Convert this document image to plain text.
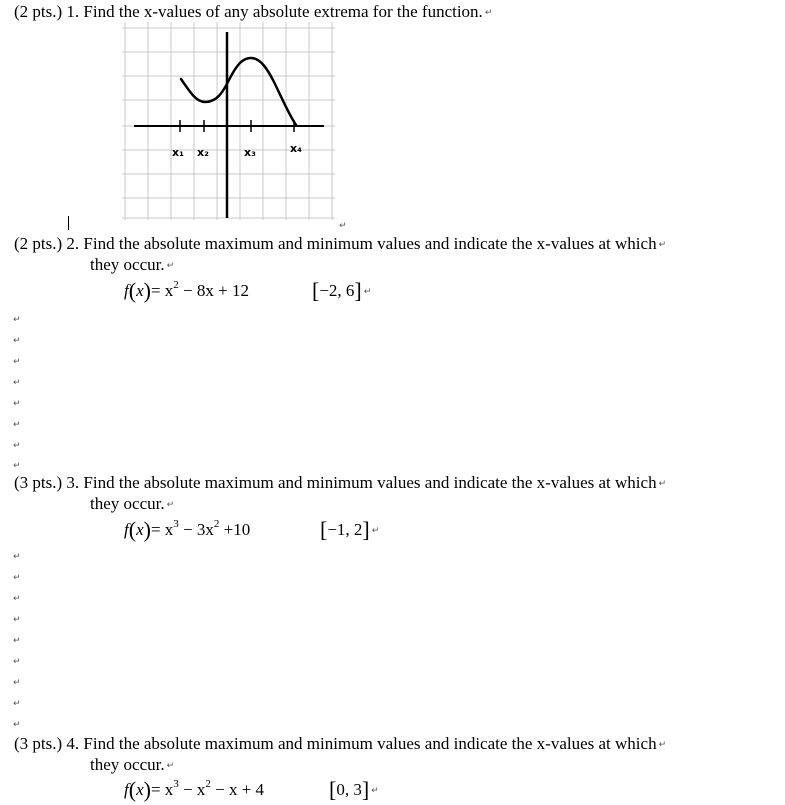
(2 pts.) 1. Find the x-values of any absolute extrema for the function. ↵
x₁ x₂	x₃	x₄
↵
(2 pts.) 2. Find the absolute maximum and minimum values and indicate the x-values at which ↵
they occur. ↵
$f(x)= x^2 - 8x + 12$	[−2, 6] ↵
↵
↵
↵
↵
↵
↵
↵
↵
(3 pts.) 3. Find the absolute maximum and minimum values and indicate the x-values at which ↵
they occur. ↵
$f(x)= x^3 - 3x^2 +10$	[−1, 2] ↵
↵
↵
↵
↵
↵
↵
↵
↵
↵
(3 pts.) 4. Find the absolute maximum and minimum values and indicate the x-values at which ↵
they occur. ↵
$f(x)= x^3 - x^2 - x + 4$	[0, 3] ↵
